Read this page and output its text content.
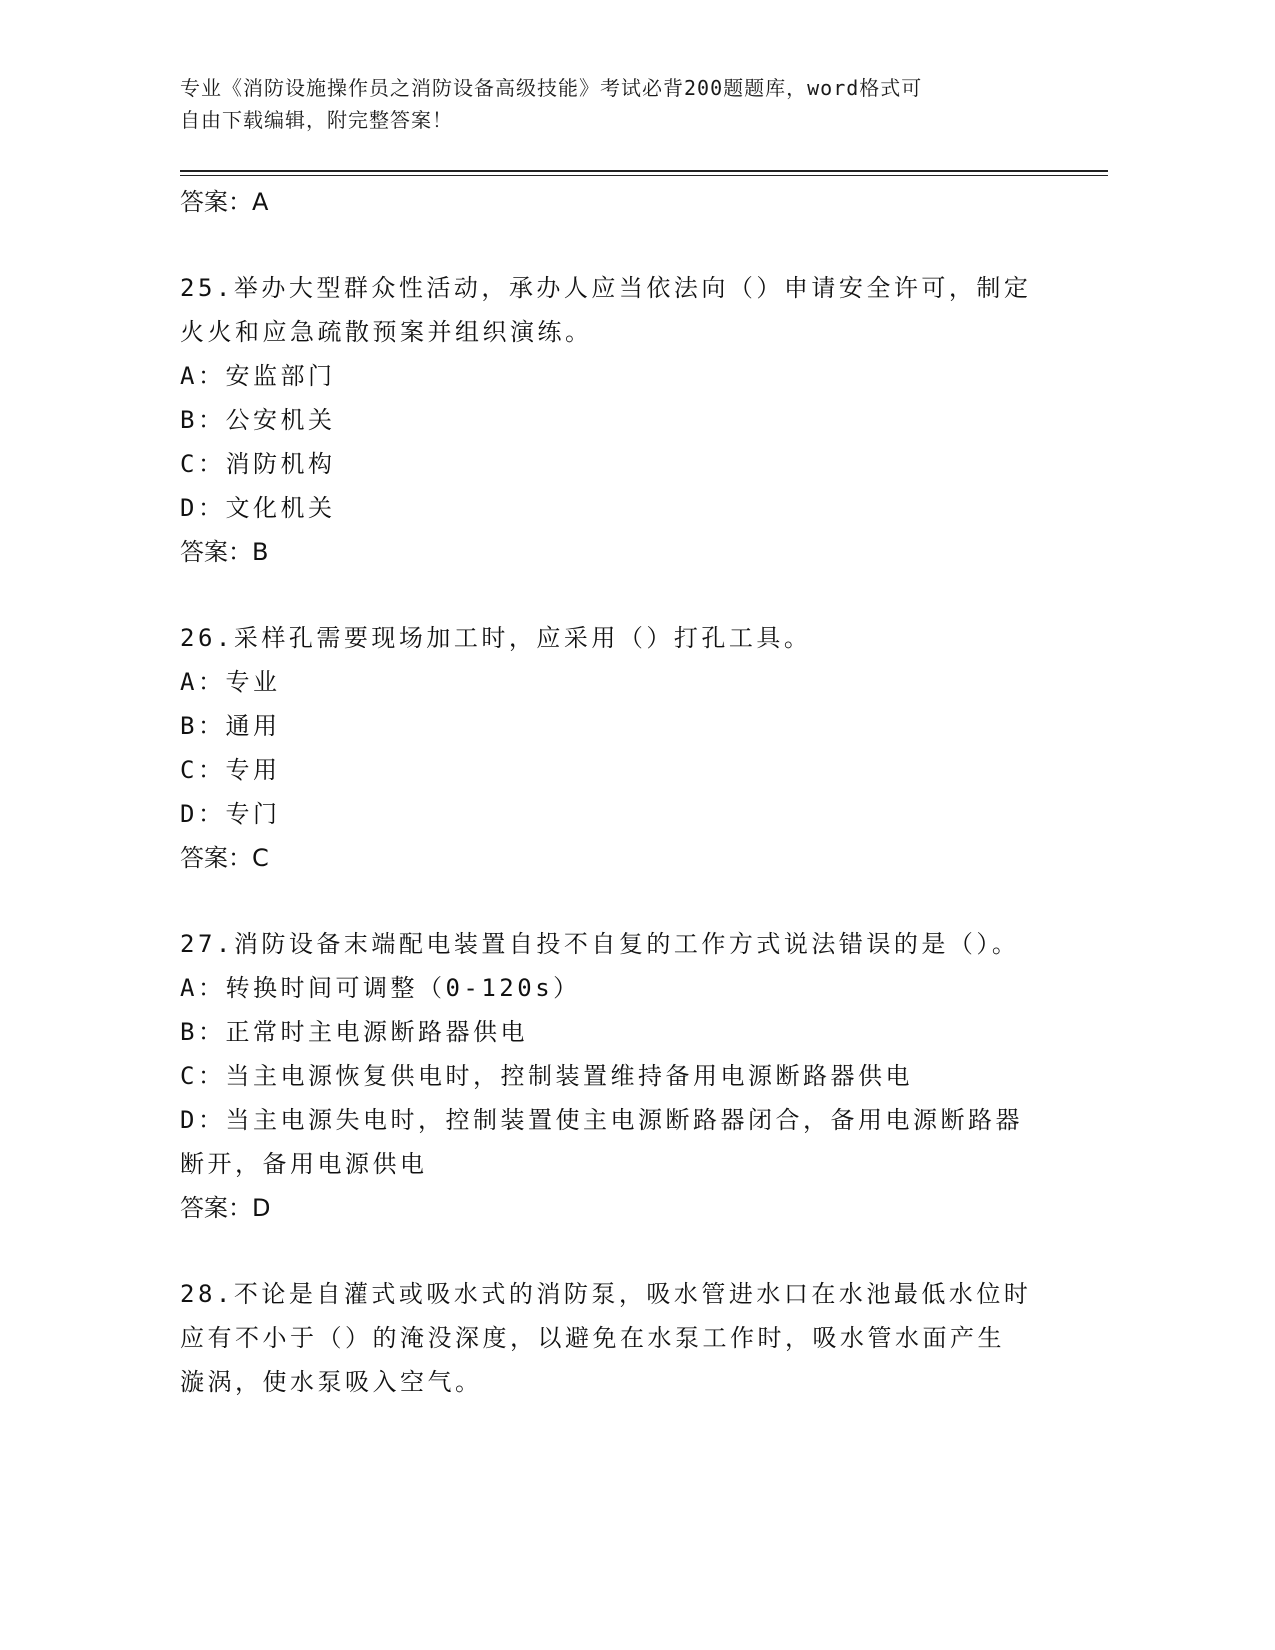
专业《消防设施操作员之消防设备高级技能》考试必背200题题库，word格式可
自由下载编辑，附完整答案！

答案：A

25.举办大型群众性活动，承办人应当依法向（）申请安全许可，制定

火火和应急疏散预案并组织演练。

A：安监部门

B：公安机关

C：消防机构

D：文化机关

答案：B

26.采样孔需要现场加工时，应采用（）打孔工具。

A：专业

B：通用

C：专用

D：专门

答案：C

27.消防设备末端配电装置自投不自复的工作方式说法错误的是（）。

A：转换时间可调整（0-120s）

B：正常时主电源断路器供电

C：当主电源恢复供电时，控制装置维持备用电源断路器供电

D：当主电源失电时，控制装置使主电源断路器闭合，备用电源断路器

断开，备用电源供电

答案：D

28.不论是自灌式或吸水式的消防泵，吸水管进水口在水池最低水位时

应有不小于（）的淹没深度，以避免在水泵工作时，吸水管水面产生

漩涡，使水泵吸入空气。
